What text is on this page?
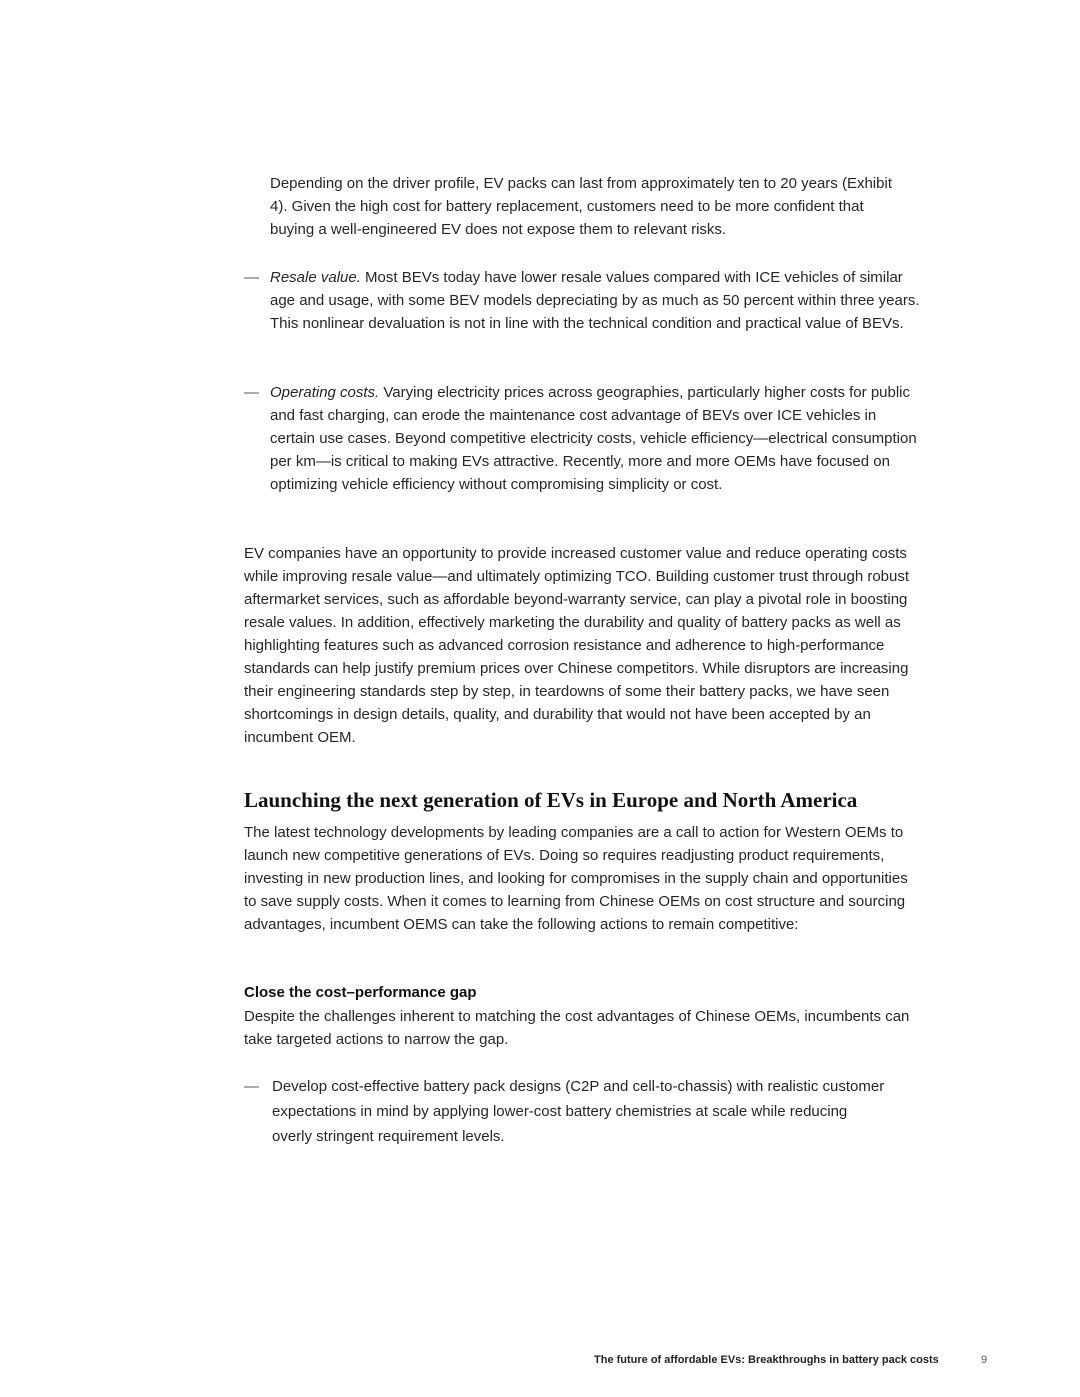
Depending on the driver profile, EV packs can last from approximately ten to 20 years (Exhibit 4). Given the high cost for battery replacement, customers need to be more confident that buying a well-engineered EV does not expose them to relevant risks.

— Resale value. Most BEVs today have lower resale values compared with ICE vehicles of similar age and usage, with some BEV models depreciating by as much as 50 percent within three years. This nonlinear devaluation is not in line with the technical condition and practical value of BEVs.
— Operating costs. Varying electricity prices across geographies, particularly higher costs for public and fast charging, can erode the maintenance cost advantage of BEVs over ICE vehicles in certain use cases. Beyond competitive electricity costs, vehicle efficiency—electrical consumption per km—is critical to making EVs attractive. Recently, more and more OEMs have focused on optimizing vehicle efficiency without compromising simplicity or cost.

EV companies have an opportunity to provide increased customer value and reduce operating costs while improving resale value—and ultimately optimizing TCO. Building customer trust through robust aftermarket services, such as affordable beyond-warranty service, can play a pivotal role in boosting resale values. In addition, effectively marketing the durability and quality of battery packs as well as highlighting features such as advanced corrosion resistance and adherence to high-performance standards can help justify premium prices over Chinese competitors. While disruptors are increasing their engineering standards step by step, in teardowns of some their battery packs, we have seen shortcomings in design details, quality, and durability that would not have been accepted by an incumbent OEM.

Launching the next generation of EVs in Europe and North America

The latest technology developments by leading companies are a call to action for Western OEMs to launch new competitive generations of EVs. Doing so requires readjusting product requirements, investing in new production lines, and looking for compromises in the supply chain and opportunities to save supply costs. When it comes to learning from Chinese OEMs on cost structure and sourcing advantages, incumbent OEMS can take the following actions to remain competitive:

Close the cost–performance gap

Despite the challenges inherent to matching the cost advantages of Chinese OEMs, incumbents can take targeted actions to narrow the gap.

— Develop cost-effective battery pack designs (C2P and cell-to-chassis) with realistic customer expectations in mind by applying lower-cost battery chemistries at scale while reducing overly stringent requirement levels.
The future of affordable EVs: Breakthroughs in battery pack costs	9
